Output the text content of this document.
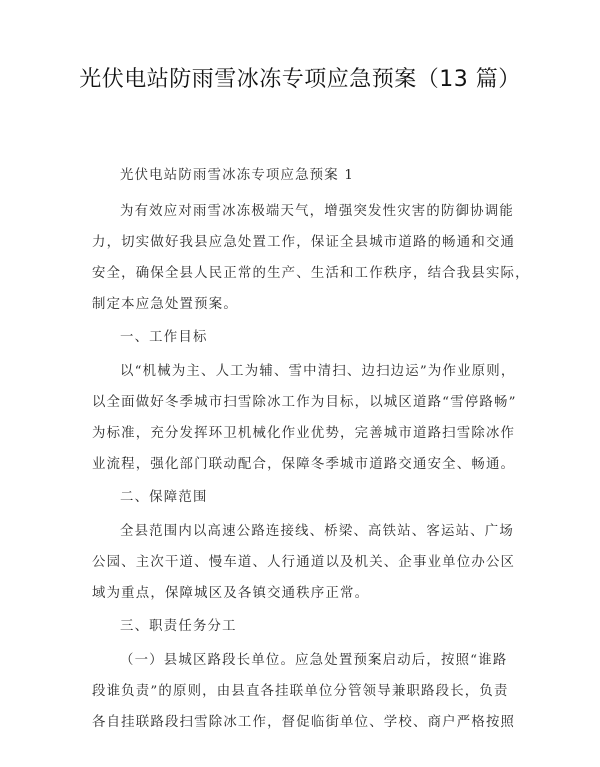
光伏电站防雨雪冰冻专项应急预案（13 篇）
光伏电站防雨雪冰冻专项应急预案 1
为有效应对雨雪冰冻极端天气，增强突发性灾害的防御协调能
力，切实做好我县应急处置工作，保证全县城市道路的畅通和交通
安全，确保全县人民正常的生产、生活和工作秩序，结合我县实际，
制定本应急处置预案。
一、工作目标
以“机械为主、人工为辅、雪中清扫、边扫边运”为作业原则，
以全面做好冬季城市扫雪除冰工作为目标，以城区道路“雪停路畅”
为标准，充分发挥环卫机械化作业优势，完善城市道路扫雪除冰作
业流程，强化部门联动配合，保障冬季城市道路交通安全、畅通。
二、保障范围
全县范围内以高速公路连接线、桥梁、高铁站、客运站、广场
公园、主次干道、慢车道、人行通道以及机关、企事业单位办公区
域为重点，保障城区及各镇交通秩序正常。
三、职责任务分工
（一）县城区路段长单位。应急处置预案启动后，按照“谁路
段谁负责”的原则，由县直各挂联单位分管领导兼职路段长，负责
各自挂联路段扫雪除冰工作，督促临街单位、学校、商户严格按照
